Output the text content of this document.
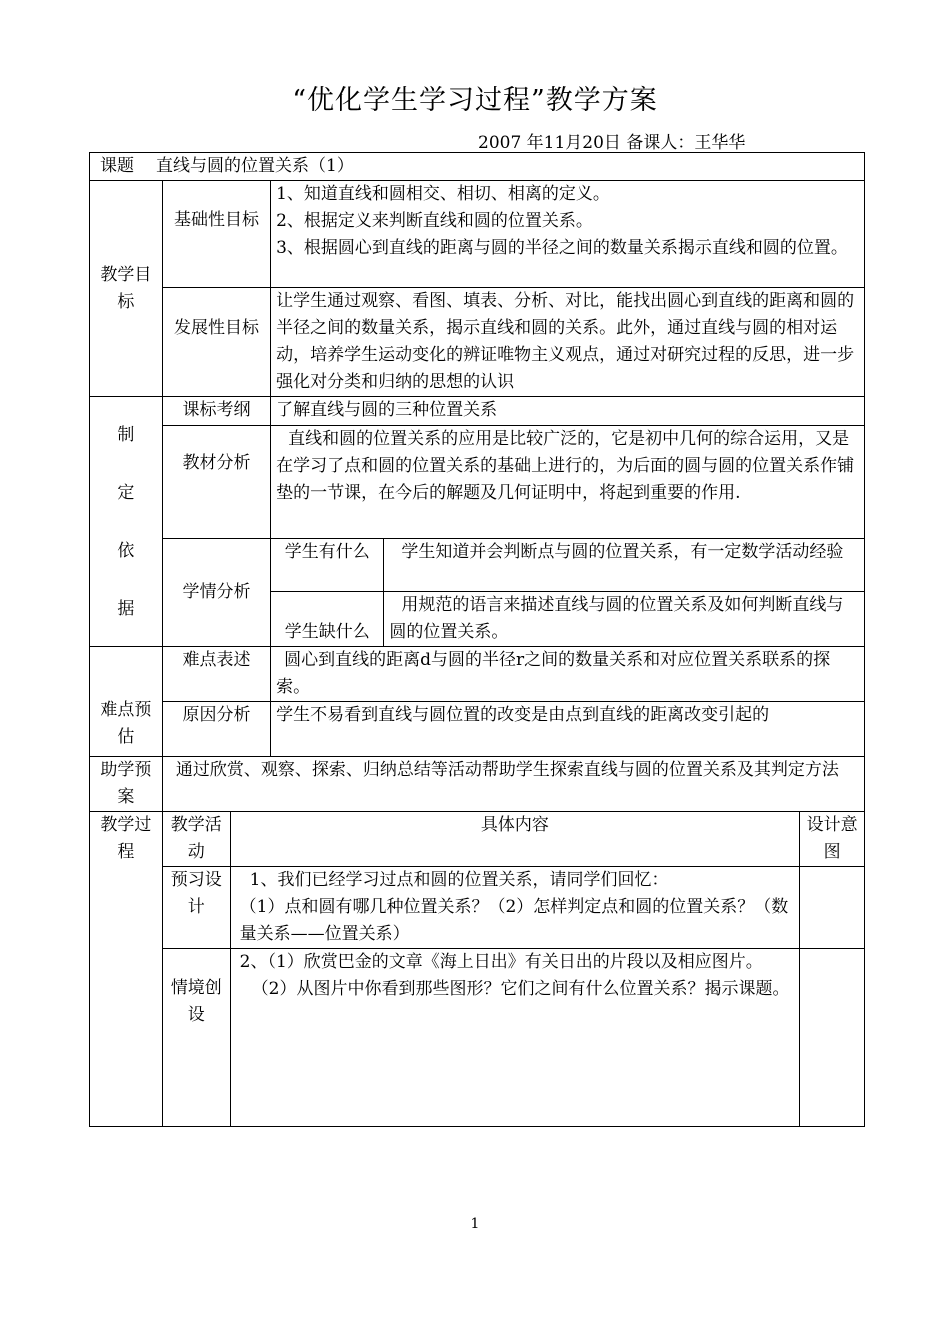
“优化学生学习过程”教学方案
2007 年11月20日 备课人：王华华
课题 直线与圆的位置关系（1）					
教学目标	基础性目标		1、知道直线和圆相交、相切、相离的定义。

2、根据定义来判断直线和圆的位置关系。

3、根据圆心到直线的距离与圆的半径之间的数量关系揭示直线和圆的位置。		

	发展性目标		让学生通过观察、看图、填表、分析、对比，能找出圆心到直线的距离和圆的半径之间的数量关系，揭示直线和圆的关系。此外，通过直线与圆的相对运动，培养学生运动变化的辨证唯物主义观点，通过对研究过程的反思，进一步强化对分类和归纳的思想的认识		

制

定

依

据	课标考纲		了解直线与圆的三种位置关系		
	教材分析		直线和圆的位置关系的应用是比较广泛的，它是初中几何的综合运用，又是在学习了点和圆的位置关系的基础上进行的，为后面的圆与圆的位置关系作铺垫的一节课，在今后的解题及几何证明中，将起到重要的作用.		
	学情分析		学生有什么	学生知道并会判断点与圆的位置关系，有一定数学活动经验	
			学生缺什么	用规范的语言来描述直线与圆的位置关系及如何判断直线与圆的位置关系。	
难点预估	难点表述		圆心到直线的距离d与圆的半径r之间的数量关系和对应位置关系联系的探索。		
	原因分析		学生不易看到直线与圆位置的改变是由点到直线的距离改变引起的		
助学预案	通过欣赏、观察、探索、归纳总结等活动帮助学生探索直线与圆的位置关系及其判定方法				
教学过程	教学活动	具体内容			设计意图
	预习设计	1、我们已经学习过点和圆的位置关系，请同学们回忆：

（1）点和圆有哪几种位置关系？（2）怎样判定点和圆的位置关系？（数量关系——位置关系）			

	情境创设	2、（1）欣赏巴金的文章《海上日出》有关日出的片段以及相应图片。

（2）从图片中你看到那些图形？它们之间有什么位置关系？揭示课题。			

1
